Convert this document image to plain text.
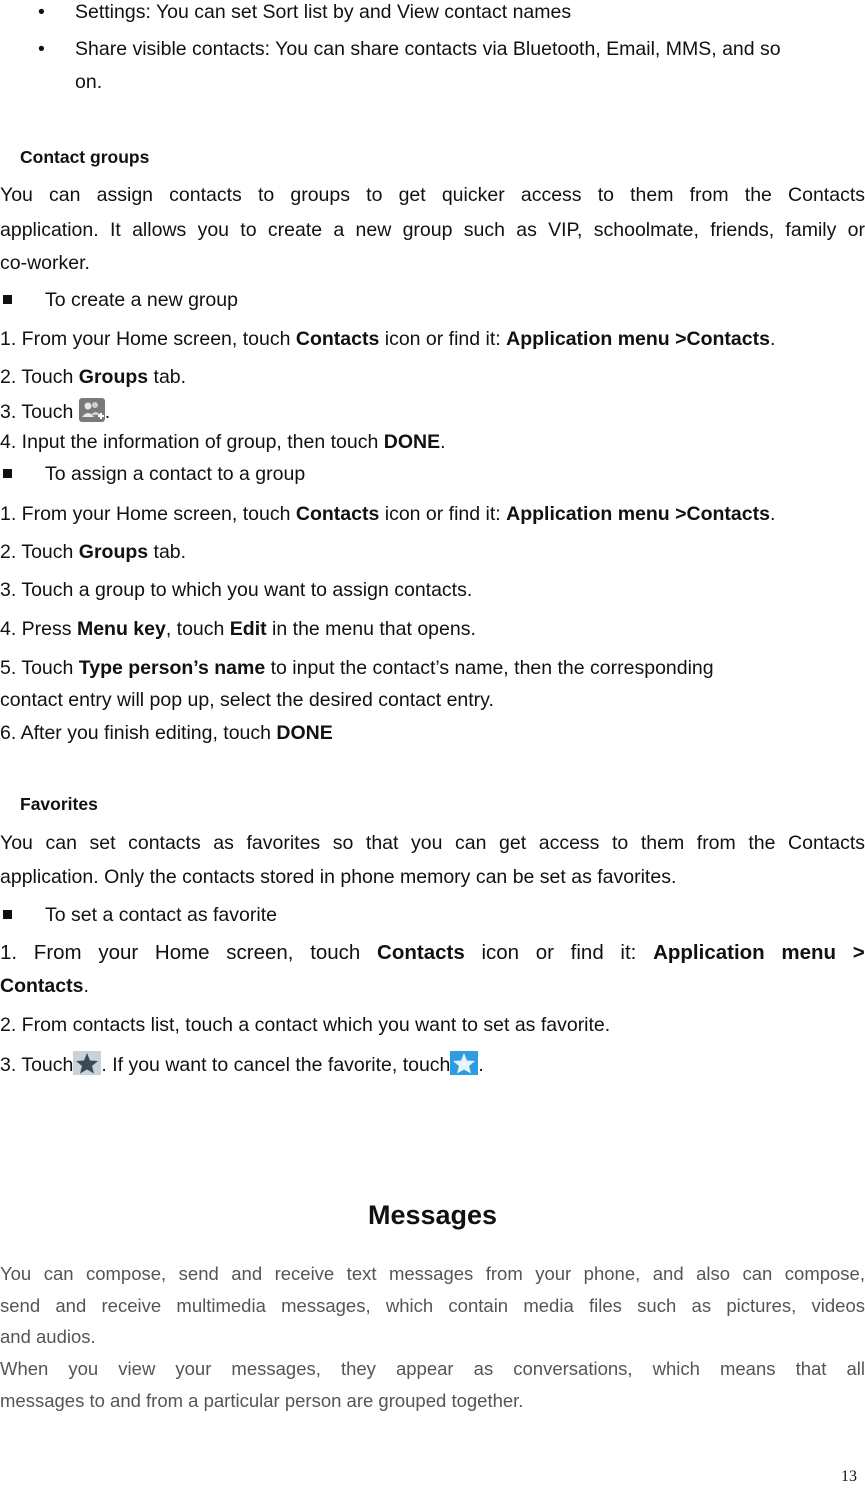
• Settings: You can set Sort list by and View contact names
• Share visible contacts: You can share contacts via Bluetooth, Email, MMS, and so
on.
Contact groups
You can assign contacts to groups to get quicker access to them from the Contacts
application. It allows you to create a new group such as VIP, schoolmate, friends, family or
co-worker.
To create a new group
1. From your Home screen, touch Contacts icon or find it: Application menu >Contacts.
2. Touch Groups tab.
3. Touch .
4. Input the information of group, then touch DONE.
To assign a contact to a group
1. From your Home screen, touch Contacts icon or find it: Application menu >Contacts.
2. Touch Groups tab.
3. Touch a group to which you want to assign contacts.
4. Press Menu key, touch Edit in the menu that opens.
5. Touch Type person’s name to input the contact’s name, then the corresponding
contact entry will pop up, select the desired contact entry.
6. After you finish editing, touch DONE
Favorites
You can set contacts as favorites so that you can get access to them from the Contacts
application. Only the contacts stored in phone memory can be set as favorites.
To set a contact as favorite
1. From your Home screen, touch Contacts icon or find it: Application menu >
Contacts.
2. From contacts list, touch a contact which you want to set as favorite.
3. Touch . If you want to cancel the favorite, touch .
Messages
You can compose, send and receive text messages from your phone, and also can compose,
send and receive multimedia messages, which contain media files such as pictures, videos
and audios.
When you view your messages, they appear as conversations, which means that all
messages to and from a particular person are grouped together.
13
